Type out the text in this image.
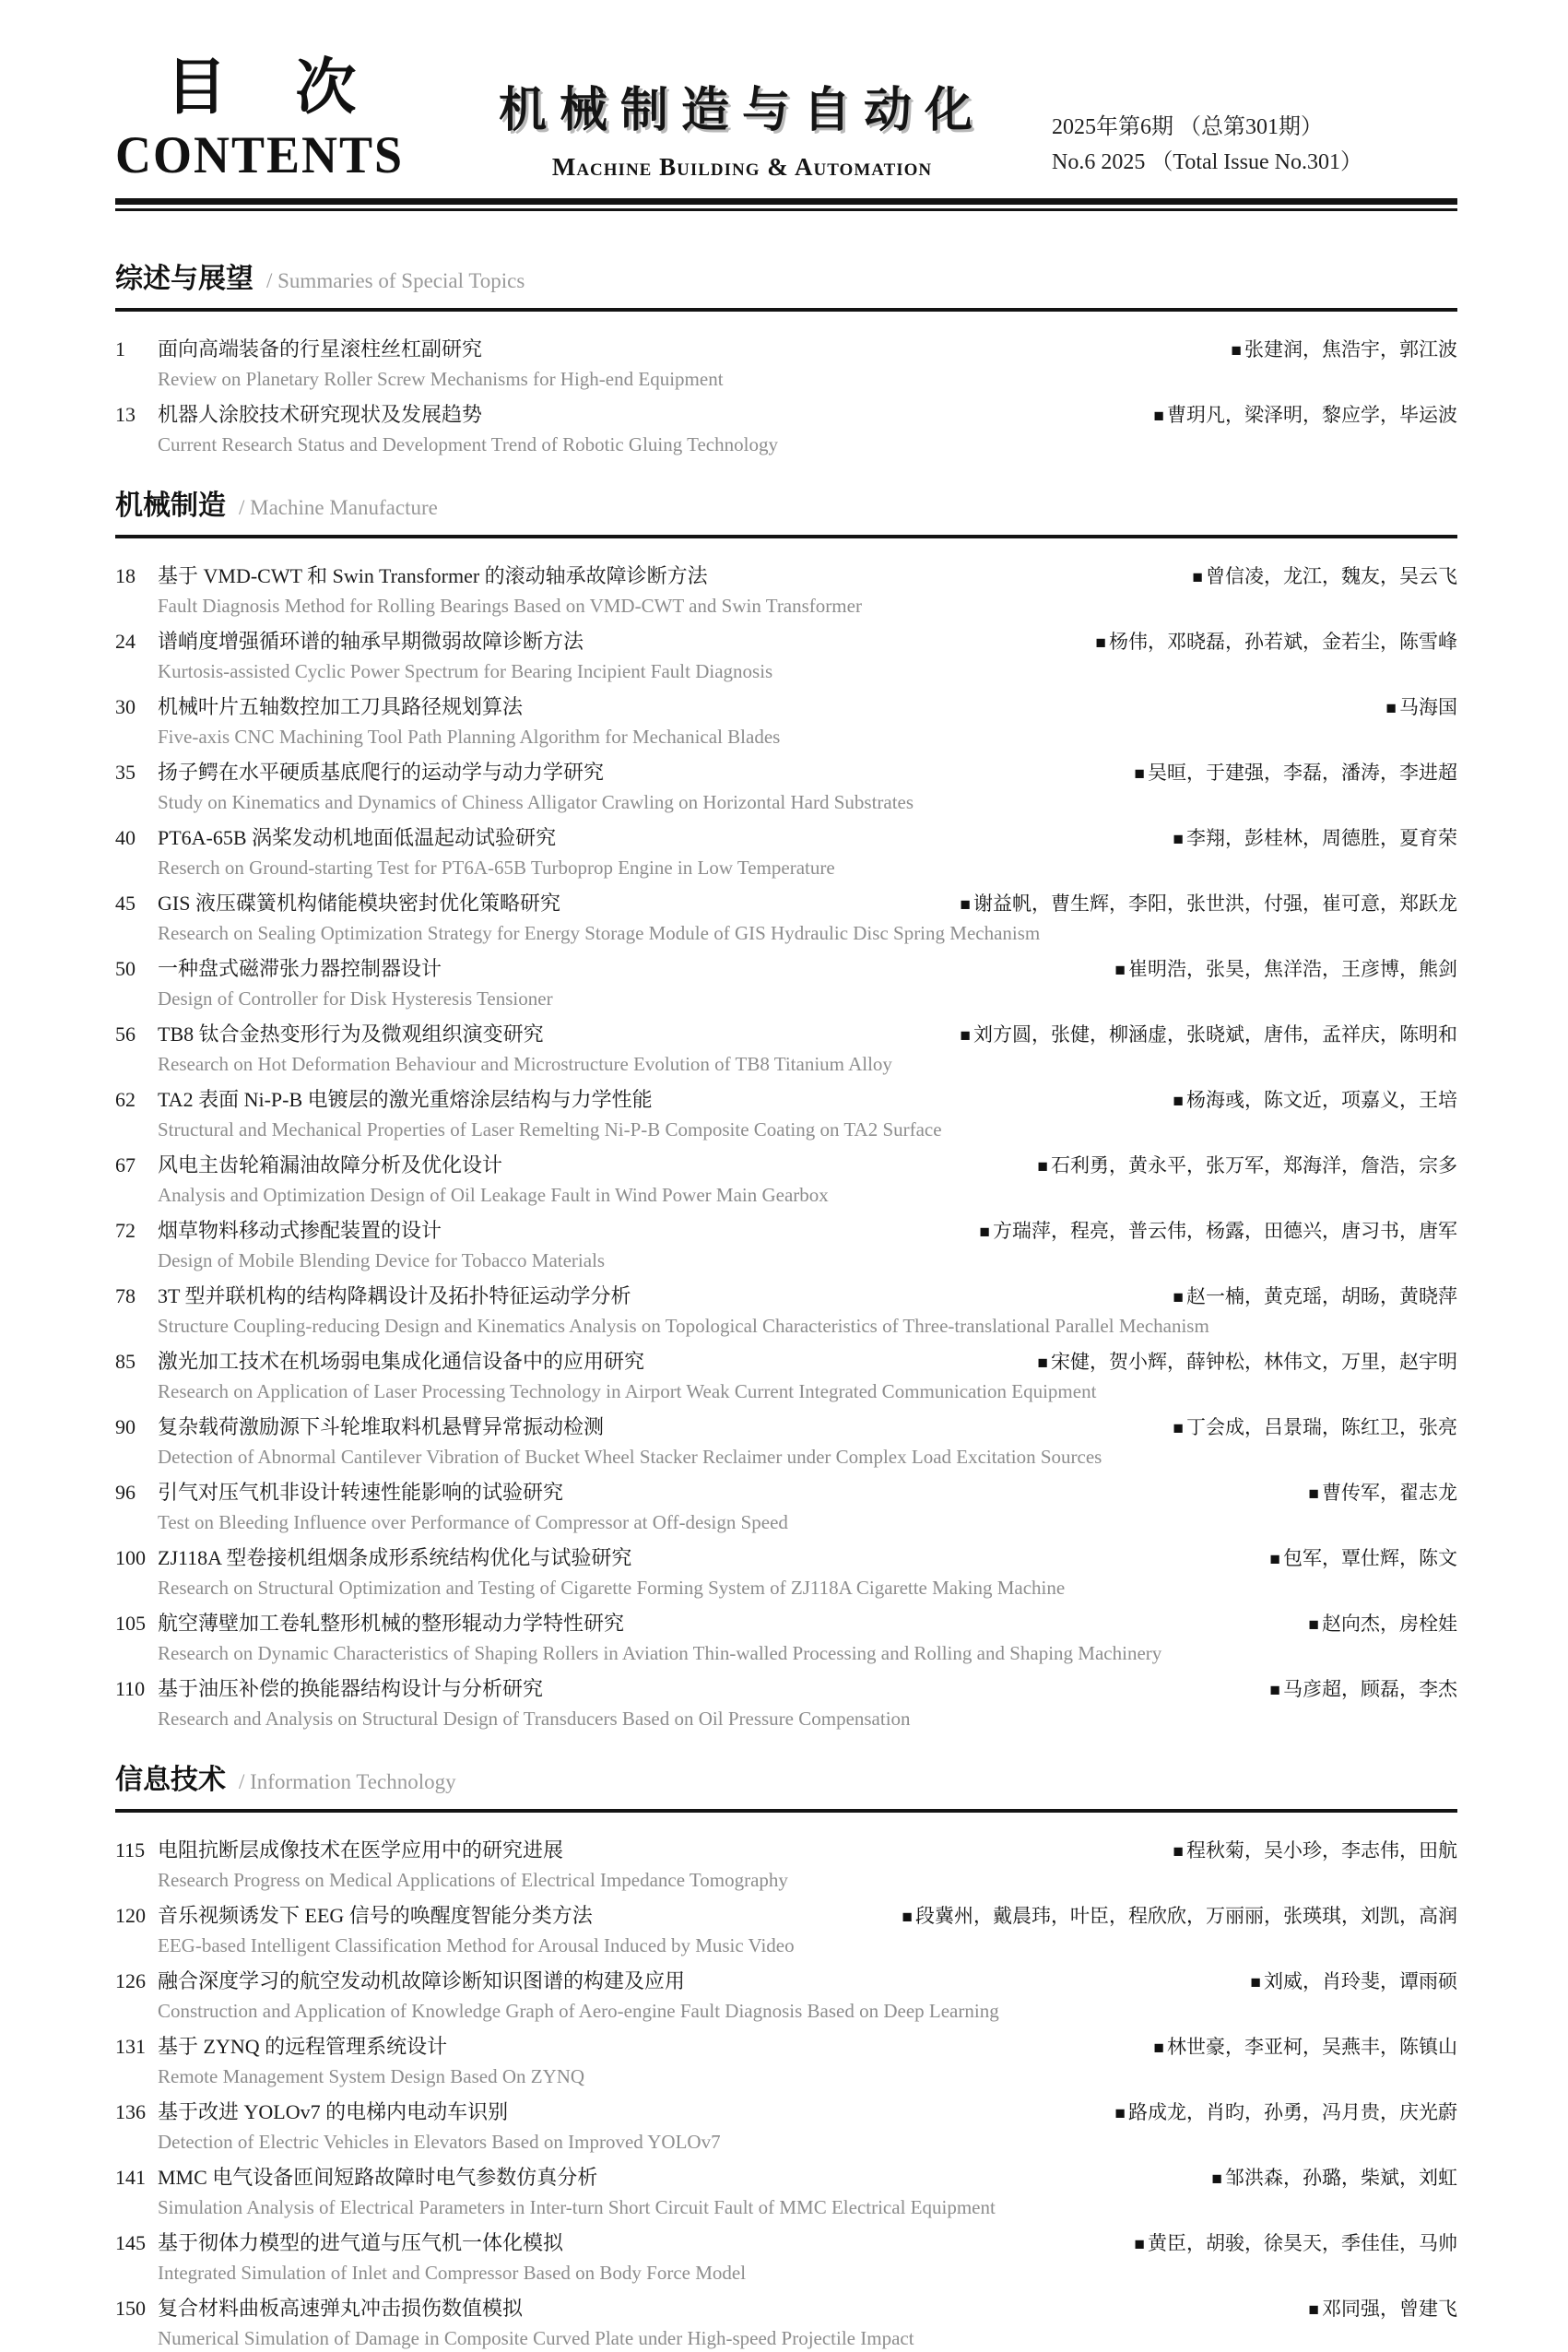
目 次
CONTENTS
机械制造与自动化
Machine Building & Automation
2025年第6期 （总第301期）
No.6 2025 （Total Issue No.301）
综述与展望 / Summaries of Special Topics
1	面向高端装备的行星滚柱丝杠副研究	■ 张建润，焦浩宇，郭江波
Review on Planetary Roller Screw Mechanisms for High-end Equipment
13	机器人涂胶技术研究现状及发展趋势	■ 曹玥凡，梁泽明，黎应学，毕运波
Current Research Status and Development Trend of Robotic Gluing Technology
机械制造 / Machine Manufacture
18	基于 VMD-CWT 和 Swin Transformer 的滚动轴承故障诊断方法	■ 曾信凌，龙江，魏友，吴云飞
Fault Diagnosis Method for Rolling Bearings Based on VMD-CWT and Swin Transformer
24	谱峭度增强循环谱的轴承早期微弱故障诊断方法	■ 杨伟，邓晓磊，孙若斌，金若尘，陈雪峰
Kurtosis-assisted Cyclic Power Spectrum for Bearing Incipient Fault Diagnosis
30	机械叶片五轴数控加工刀具路径规划算法	■ 马海国
Five-axis CNC Machining Tool Path Planning Algorithm for Mechanical Blades
35	扬子鳄在水平硬质基底爬行的运动学与动力学研究	■ 吴晅，于建强，李磊，潘涛，李进超
Study on Kinematics and Dynamics of Chiness Alligator Crawling on Horizontal Hard Substrates
40	PT6A-65B 涡桨发动机地面低温起动试验研究	■ 李翔，彭桂林，周德胜，夏育荣
Reserch on Ground-starting Test for PT6A-65B Turboprop Engine in Low Temperature
45	GIS 液压碟簧机构储能模块密封优化策略研究	■ 谢益帆，曹生辉，李阳，张世洪，付强，崔可意，郑跃龙
Research on Sealing Optimization Strategy for Energy Storage Module of GIS Hydraulic Disc Spring Mechanism
50	一种盘式磁滞张力器控制器设计	■ 崔明浩，张昊，焦洋浩，王彦博，熊剑
Design of Controller for Disk Hysteresis Tensioner
56	TB8 钛合金热变形行为及微观组织演变研究	■ 刘方圆，张健，柳涵虚，张晓斌，唐伟，孟祥庆，陈明和
Research on Hot Deformation Behaviour and Microstructure Evolution of TB8 Titanium Alloy
62	TA2 表面 Ni-P-B 电镀层的激光重熔涂层结构与力学性能	■ 杨海彧，陈文近，项嘉义，王培
Structural and Mechanical Properties of Laser Remelting Ni-P-B Composite Coating on TA2 Surface
67	风电主齿轮箱漏油故障分析及优化设计	■ 石利勇，黄永平，张万军，郑海洋，詹浩，宗多
Analysis and Optimization Design of Oil Leakage Fault in Wind Power Main Gearbox
72	烟草物料移动式掺配装置的设计	■ 方瑞萍，程亮，普云伟，杨露，田德兴，唐习书，唐军
Design of Mobile Blending Device for Tobacco Materials
78	3T 型并联机构的结构降耦设计及拓扑特征运动学分析	■ 赵一楠，黄克瑶，胡旸，黄晓萍
Structure Coupling-reducing Design and Kinematics Analysis on Topological Characteristics of Three-translational Parallel Mechanism
85	激光加工技术在机场弱电集成化通信设备中的应用研究	■ 宋健，贺小辉，薛钟松，林伟文，万里，赵宇明
Research on Application of Laser Processing Technology in Airport Weak Current Integrated Communication Equipment
90	复杂载荷激励源下斗轮堆取料机悬臂异常振动检测	■ 丁会成，吕景瑞，陈红卫，张亮
Detection of Abnormal Cantilever Vibration of Bucket Wheel Stacker Reclaimer under Complex Load Excitation Sources
96	引气对压气机非设计转速性能影响的试验研究	■ 曹传军，翟志龙
Test on Bleeding Influence over Performance of Compressor at Off-design Speed
100 ZJ118A 型卷接机组烟条成形系统结构优化与试验研究	■ 包军，覃仕辉，陈文
Research on Structural Optimization and Testing of Cigarette Forming System of ZJ118A Cigarette Making Machine
105 航空薄壁加工卷轧整形机械的整形辊动力学特性研究	■ 赵向杰，房栓娃
Research on Dynamic Characteristics of Shaping Rollers in Aviation Thin-walled Processing and Rolling and Shaping Machinery
110 基于油压补偿的换能器结构设计与分析研究	■ 马彦超，顾磊，李杰
Research and Analysis on Structural Design of Transducers Based on Oil Pressure Compensation
信息技术 / Information Technology
115 电阻抗断层成像技术在医学应用中的研究进展	■ 程秋菊，吴小珍，李志伟，田航
Research Progress on Medical Applications of Electrical Impedance Tomography
120 音乐视频诱发下 EEG 信号的唤醒度智能分类方法	■ 段冀州，戴晨玮，叶臣，程欣欣，万丽丽，张瑛琪，刘凯，高润
EEG-based Intelligent Classification Method for Arousal Induced by Music Video
126 融合深度学习的航空发动机故障诊断知识图谱的构建及应用	■ 刘威，肖玲斐，谭雨硕
Construction and Application of Knowledge Graph of Aero-engine Fault Diagnosis Based on Deep Learning
131 基于 ZYNQ 的远程管理系统设计	■ 林世豪，李亚柯，吴燕丰，陈镇山
Remote Management System Design Based On ZYNQ
136 基于改进 YOLOv7 的电梯内电动车识别	■ 路成龙，肖昀，孙勇，冯月贵，庆光蔚
Detection of Electric Vehicles in Elevators Based on Improved YOLOv7
141 MMC 电气设备匝间短路故障时电气参数仿真分析	■ 邹洪森，孙璐，柴斌，刘虹
Simulation Analysis of Electrical Parameters in Inter-turn Short Circuit Fault of MMC Electrical Equipment
145 基于彻体力模型的进气道与压气机一体化模拟	■ 黄臣，胡骏，徐昊天，季佳佳，马帅
Integrated Simulation of Inlet and Compressor Based on Body Force Model
150 复合材料曲板高速弹丸冲击损伤数值模拟	■ 邓同强，曾建飞
Numerical Simulation of Damage in Composite Curved Plate under High-speed Projectile Impact
